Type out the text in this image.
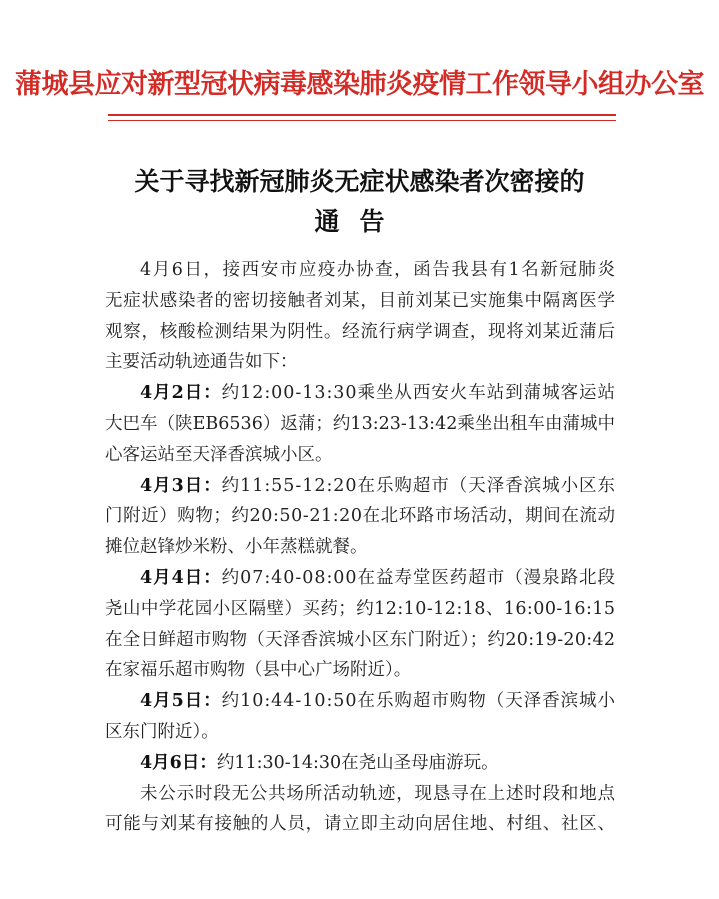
蒲城县应对新型冠状病毒感染肺炎疫情工作领导小组办公室
关于寻找新冠肺炎无症状感染者次密接的
通告
4月6日，接西安市应疫办协查，函告我县有1名新冠肺炎
无症状感染者的密切接触者刘某，目前刘某已实施集中隔离医学
观察，核酸检测结果为阴性。经流行病学调查，现将刘某近蒲后
主要活动轨迹通告如下：
4月2日：约12:00-13:30乘坐从西安火车站到蒲城客运站
大巴车（陕EB6536）返蒲；约13:23-13:42乘坐出租车由蒲城中
心客运站至天泽香滨城小区。
4月3日：约11:55-12:20在乐购超市（天泽香滨城小区东
门附近）购物；约20:50-21:20在北环路市场活动，期间在流动
摊位赵锋炒米粉、小年蒸糕就餐。
4月4日：约07:40-08:00在益寿堂医药超市（漫泉路北段
尧山中学花园小区隔壁）买药；约12:10-12:18、16:00-16:15
在全日鲜超市购物（天泽香滨城小区东门附近）；约20:19-20:42
在家福乐超市购物（县中心广场附近）。
4月5日：约10:44-10:50在乐购超市购物（天泽香滨城小
区东门附近）。
4月6日：约11:30-14:30在尧山圣母庙游玩。
未公示时段无公共场所活动轨迹，现恳寻在上述时段和地点
可能与刘某有接触的人员，请立即主动向居住地、村组、社区、
